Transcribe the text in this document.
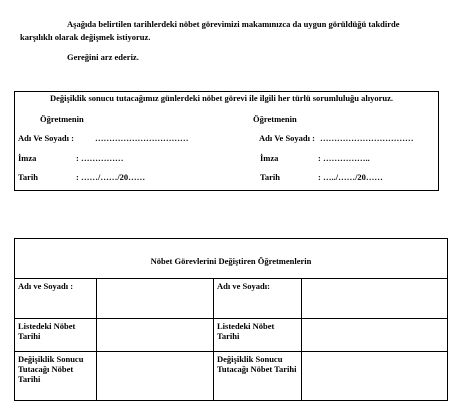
Aşağıda belirtilen tarihlerdeki nöbet görevimizi makamınızca da uygun görüldüğü takdirde
karşılıklı olarak değişmek istiyoruz.
Gereğini arz ederiz.
Değişiklik sonucu tutacağımız günlerdeki nöbet görevi ile ilgili her türlü sorumluluğu alıyoruz.
Öğretmenin
Adı Ve Soyadı : ……………………………
İmza	: ……………
Tarih	: ……/……/20……
Öğretmenin
Adı Ve Soyadı : ……………………………
İmza	: ……………..
Tarih	: …../……/20……
Nöbet Görevlerini Değiştiren Öğretmenlerin			
Adı ve Soyadı :		Adı ve Soyadı:	
Listedeki Nöbet Tarihi		Listedeki Nöbet Tarihi	
Değişiklik Sonucu Tutacağı Nöbet Tarihi		Değişiklik Sonucu Tutacağı Nöbet Tarihi	
